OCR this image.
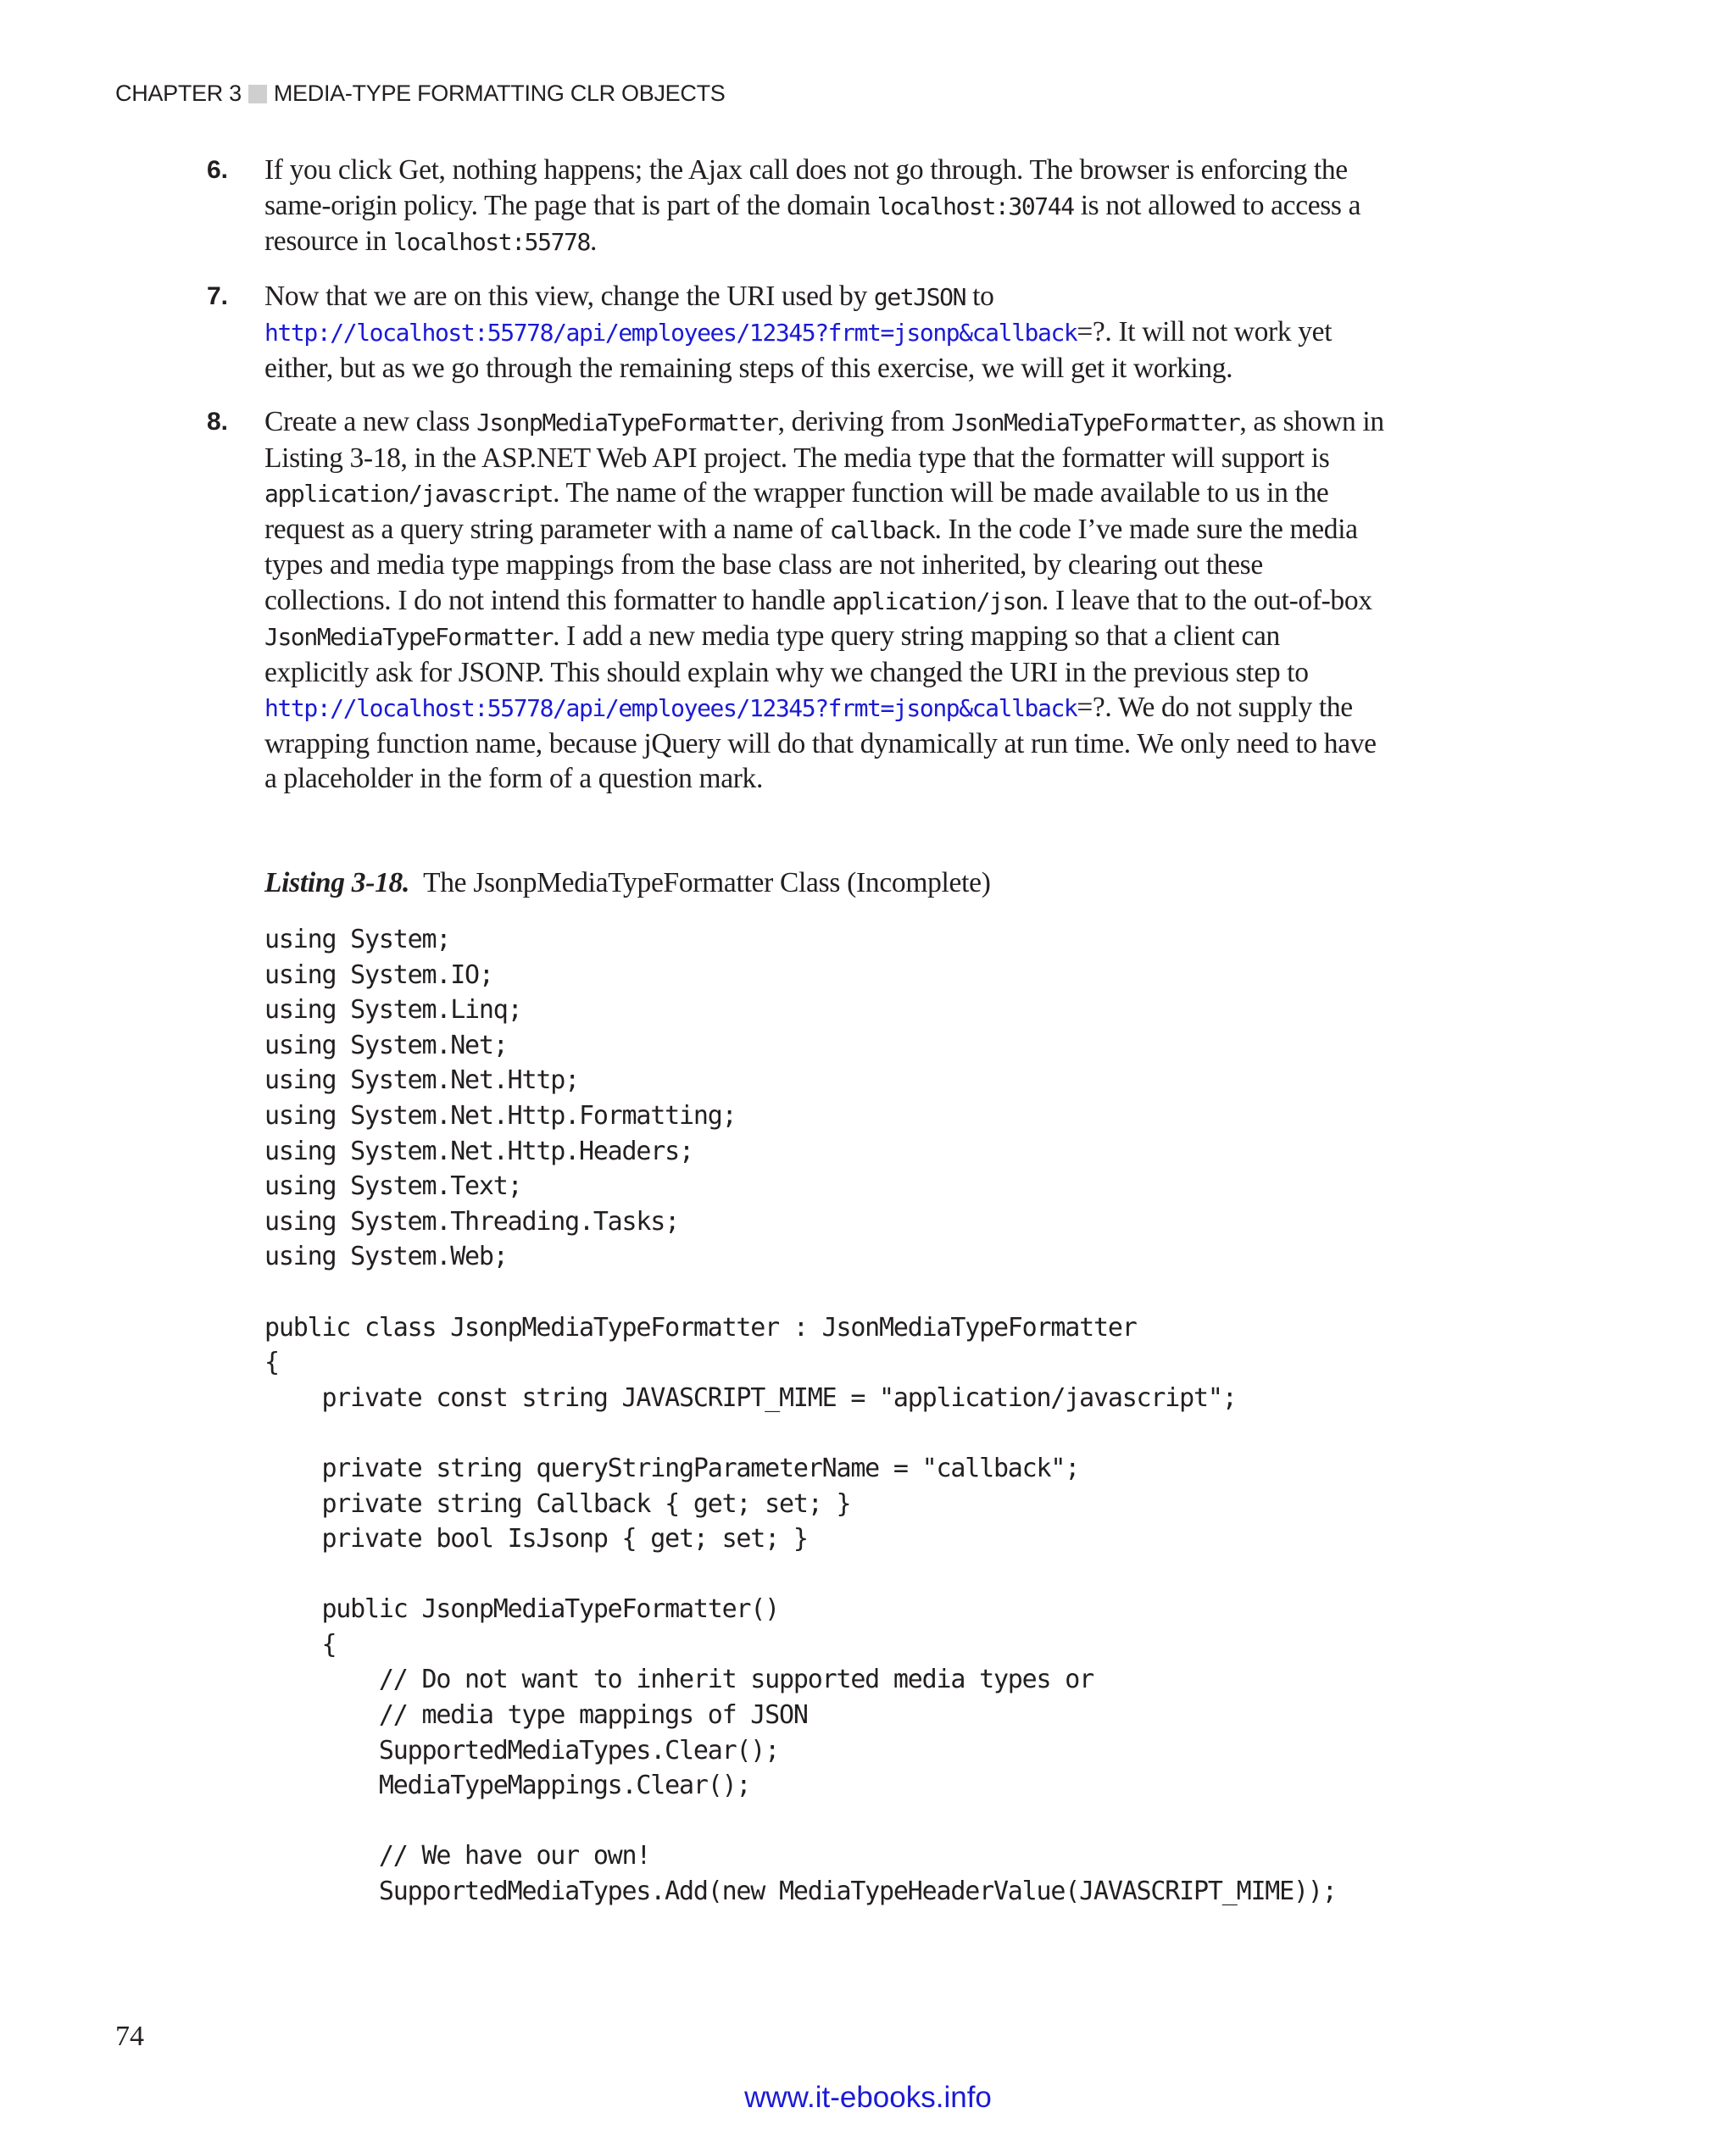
CHAPTER 3 MEDIA-TYPE FORMATTING CLR OBJECTS
6.	If you click Get, nothing happens; the Ajax call does not go through. The browser is enforcing the same-origin policy. The page that is part of the domain localhost:30744 is not allowed to access a resource in localhost:55778.
7.	Now that we are on this view, change the URI used by getJSON to http://localhost:55778/api/employees/12345?frmt=jsonp&callback=?. It will not work yet either, but as we go through the remaining steps of this exercise, we will get it working.
8.	Create a new class JsonpMediaTypeFormatter, deriving from JsonMediaTypeFormatter, as shown in Listing 3-18, in the ASP.NET Web API project. The media type that the formatter will support is application/javascript. The name of the wrapper function will be made available to us in the request as a query string parameter with a name of callback. In the code I’ve made sure the media types and media type mappings from the base class are not inherited, by clearing out these collections. I do not intend this formatter to handle application/json. I leave that to the out-of-box JsonMediaTypeFormatter. I add a new media type query string mapping so that a client can explicitly ask for JSONP. This should explain why we changed the URI in the previous step to http://localhost:55778/api/employees/12345?frmt=jsonp&callback=?. We do not supply the wrapping function name, because jQuery will do that dynamically at run time. We only need to have a placeholder in the form of a question mark.
Listing 3-18. The JsonpMediaTypeFormatter Class (Incomplete)
using System;
using System.IO;
using System.Linq;
using System.Net;
using System.Net.Http;
using System.Net.Http.Formatting;
using System.Net.Http.Headers;
using System.Text;
using System.Threading.Tasks;
using System.Web;

public class JsonpMediaTypeFormatter : JsonMediaTypeFormatter
{
private const string JAVASCRIPT_MIME = "application/javascript";

private string queryStringParameterName = "callback";
private string Callback { get; set; }
private bool IsJsonp { get; set; }

public JsonpMediaTypeFormatter()
{
// Do not want to inherit supported media types or
// media type mappings of JSON
SupportedMediaTypes.Clear();
MediaTypeMappings.Clear();

// We have our own!
SupportedMediaTypes.Add(new MediaTypeHeaderValue(JAVASCRIPT_MIME));
74
www.it-ebooks.info
